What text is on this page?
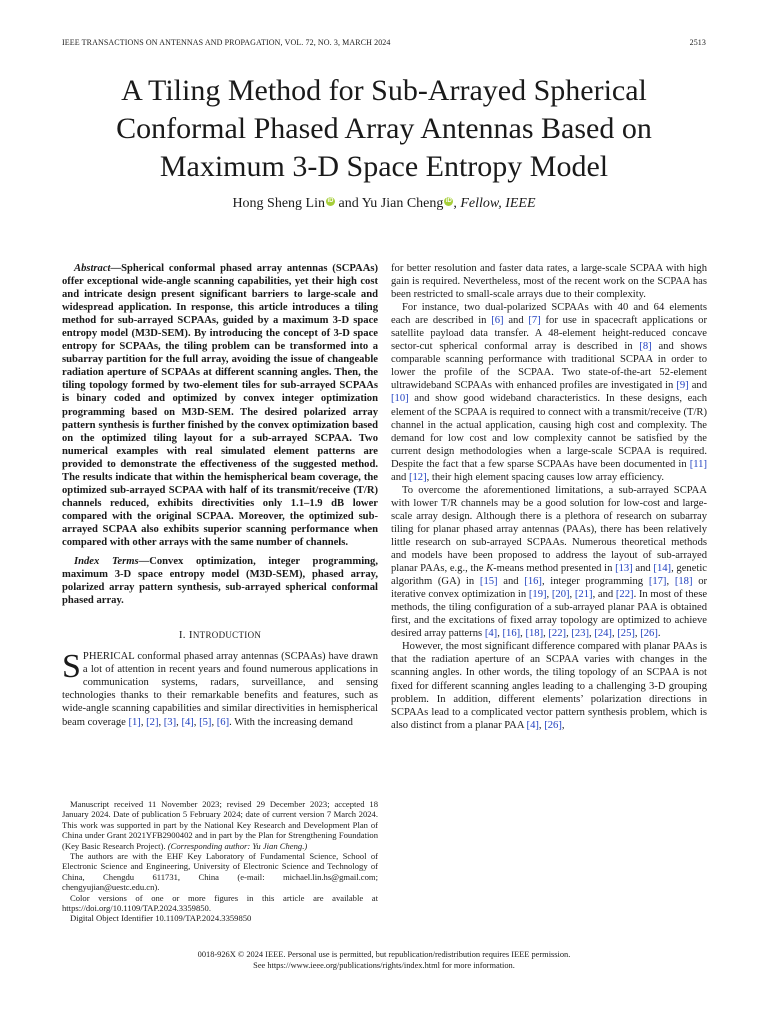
IEEE TRANSACTIONS ON ANTENNAS AND PROPAGATION, VOL. 72, NO. 3, MARCH 2024	2513
A Tiling Method for Sub-Arrayed Spherical
Conformal Phased Array Antennas Based on
Maximum 3-D Space Entropy Model
Hong Sheng Lin iD and Yu Jian Cheng iD , Fellow, IEEE

Abstract—Spherical conformal phased array antennas (SCPAAs) offer exceptional wide-angle scanning capabilities, yet their high cost and intricate design present significant barriers to large-scale and widespread application. In response, this article introduces a tiling method for sub-arrayed SCPAAs, guided by a maximum 3-D space entropy model (M3D-SEM). By introducing the concept of 3-D space entropy for SCPAAs, the tiling problem can be transformed into a subarray partition for the full array, avoiding the issue of changeable radiation aperture of SCPAAs at different scanning angles. Then, the tiling topology formed by two-element tiles for sub-arrayed SCPAAs is binary coded and optimized by convex integer optimization programming based on M3D-SEM. The desired polarized array pattern synthesis is further finished by the convex optimization based on the optimized tiling layout for a sub-arrayed SCPAA. Two numerical examples with real simulated element patterns are provided to demonstrate the effectiveness of the suggested method. The results indicate that within the hemispherical beam coverage, the optimized sub-arrayed SCPAA with half of its transmit/receive (T/R) channels reduced, exhibits directivities only 1.1–1.9 dB lower compared with the original SCPAA. Moreover, the optimized sub-arrayed SCPAA also exhibits superior scanning performance when compared with other arrays with the same number of channels.

Index Terms—Convex optimization, integer programming, maximum 3-D space entropy model (M3D-SEM), phased array, polarized array pattern synthesis, sub-arrayed spherical conformal phased array.

I. INTRODUCTION

SPHERICAL conformal phased array antennas (SCPAAs) have drawn a lot of attention in recent years and found numerous applications in communication systems, radars, surveillance, and sensing technologies thanks to their remarkable benefits and features, such as wide-angle scanning capabilities and similar directivities in hemispherical beam coverage [1], [2], [3], [4], [5], [6]. With the increasing demand

Manuscript received 11 November 2023; revised 29 December 2023; accepted 18 January 2024. Date of publication 5 February 2024; date of current version 7 March 2024. This work was supported in part by the National Key Research and Development Plan of China under Grant 2021YFB2900402 and in part by the Plan for Strengthening Foundation (Key Basic Research Project). (Corresponding author: Yu Jian Cheng.)

The authors are with the EHF Key Laboratory of Fundamental Science, School of Electronic Science and Engineering, University of Electronic Science and Technology of China, Chengdu 611731, China (e-mail: michael.lin.hs@gmail.com; chengyujian@uestc.edu.cn).

Color versions of one or more figures in this article are available at https://doi.org/10.1109/TAP.2024.3359850.

Digital Object Identifier 10.1109/TAP.2024.3359850

for better resolution and faster data rates, a large-scale SCPAA with high gain is required. Nevertheless, most of the recent work on the SCPAA has been restricted to small-scale arrays due to their complexity.

For instance, two dual-polarized SCPAAs with 40 and 64 elements each are described in [6] and [7] for use in spacecraft applications or satellite payload data transfer. A 48-element height-reduced concave sector-cut spherical conformal array is described in [8] and shows comparable scanning performance with traditional SCPAA in order to lower the profile of the SCPAA. Two state-of-the-art 52-element ultrawideband SCPAAs with enhanced profiles are investigated in [9] and [10] and show good wideband characteristics. In these designs, each element of the SCPAA is required to connect with a transmit/receive (T/R) channel in the actual application, causing high cost and complexity. The demand for low cost and low complexity cannot be satisfied by the current design methodologies when a large-scale SCPAA is required. Despite the fact that a few sparse SCPAAs have been documented in [11] and [12], their high element spacing causes low array efficiency.

To overcome the aforementioned limitations, a sub-arrayed SCPAA with lower T/R channels may be a good solution for low-cost and large-scale array design. Although there is a plethora of research on subarray tiling for planar phased array antennas (PAAs), there has been relatively little research on sub-arrayed SCPAAs. Numerous theoretical methods and models have been proposed to address the layout of sub-arrayed planar PAAs, e.g., the K-means method presented in [13] and [14], genetic algorithm (GA) in [15] and [16], integer programming [17], [18] or iterative convex optimization in [19], [20], [21], and [22]. In most of these methods, the tiling configuration of a sub-arrayed planar PAA is obtained first, and the excitations of fixed array topology are optimized to achieve desired array patterns [4], [16], [18], [22], [23], [24], [25], [26].

However, the most significant difference compared with planar PAAs is that the radiation aperture of an SCPAA varies with changes in the scanning angles. In other words, the tiling topology of an SCPAA is not fixed for different scanning angles leading to a challenging 3-D grouping problem. In addition, different elements’ polarization directions in SCPAAs lead to a complicated vector pattern synthesis problem, which is also distinct from a planar PAA [4], [26],

0018-926X © 2024 IEEE. Personal use is permitted, but republication/redistribution requires IEEE permission.
See https://www.ieee.org/publications/rights/index.html for more information.
